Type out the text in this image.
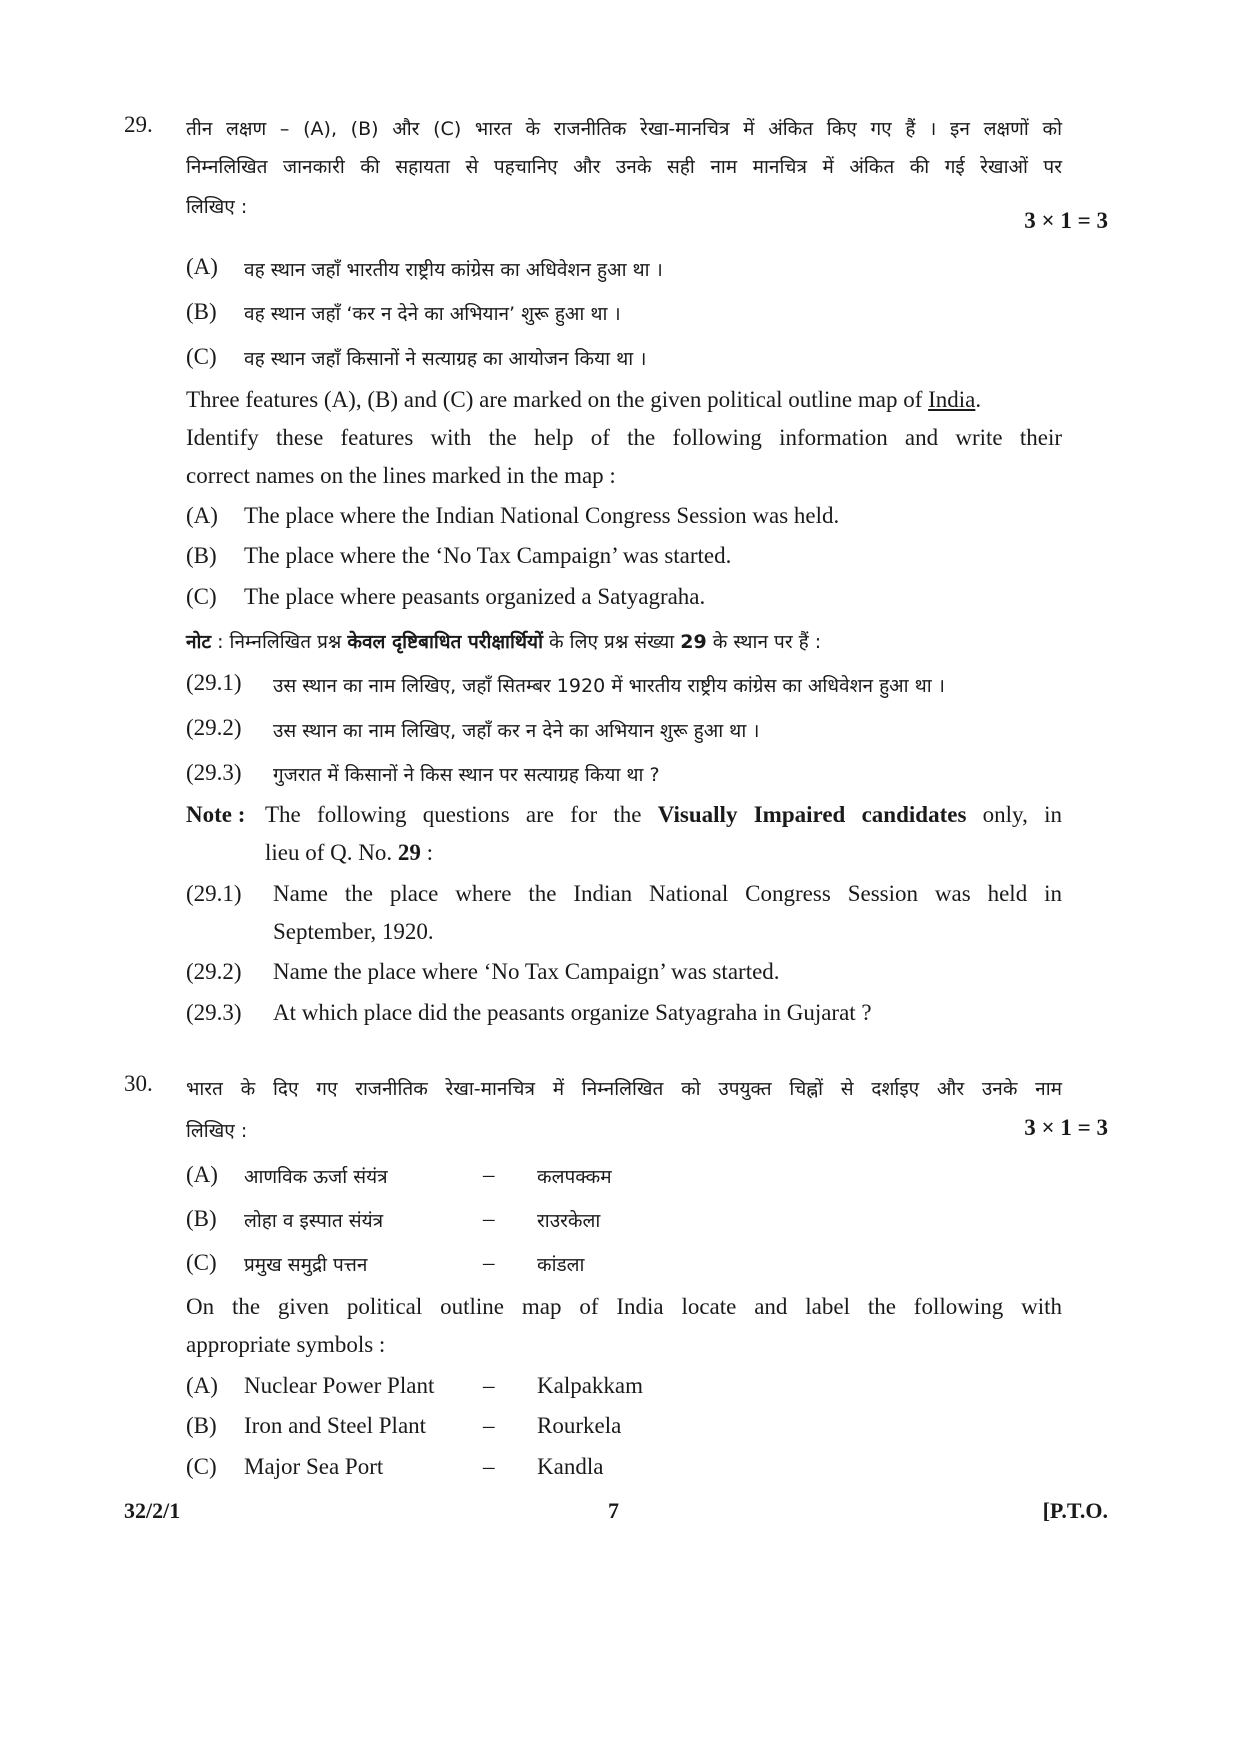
29. तीन लक्षण – (A), (B) और (C) भारत के राजनीतिक रेखा-मानचित्र में अंकित किए गए हैं । इन लक्षणों को
निम्नलिखित जानकारी की सहायता से पहचानिए और उनके सही नाम मानचित्र में अंकित की गई रेखाओं पर
लिखिए :
3 × 1 = 3
(A) वह स्थान जहाँ भारतीय राष्ट्रीय कांग्रेस का अधिवेशन हुआ था ।
(B) वह स्थान जहाँ ‘कर न देने का अभियान’ शुरू हुआ था ।
(C) वह स्थान जहाँ किसानों ने सत्याग्रह का आयोजन किया था ।
Three features (A), (B) and (C) are marked on the given political outline map of India.
Identify these features with the help of the following information and write their
correct names on the lines marked in the map :
(A) The place where the Indian National Congress Session was held.
(B) The place where the ‘No Tax Campaign’ was started.
(C) The place where peasants organized a Satyagraha.
नोट : निम्नलिखित प्रश्न केवल दृष्टिबाधित परीक्षार्थियों के लिए प्रश्न संख्या 29 के स्थान पर हैं :
(29.1) उस स्थान का नाम लिखिए, जहाँ सितम्बर 1920 में भारतीय राष्ट्रीय कांग्रेस का अधिवेशन हुआ था ।
(29.2) उस स्थान का नाम लिखिए, जहाँ कर न देने का अभियान शुरू हुआ था ।
(29.3) गुजरात में किसानों ने किस स्थान पर सत्याग्रह किया था ?
Note : The following questions are for the Visually Impaired candidates only, in
lieu of Q. No. 29 :
(29.1) Name the place where the Indian National Congress Session was held in
September, 1920.
(29.2) Name the place where ‘No Tax Campaign’ was started.
(29.3) At which place did the peasants organize Satyagraha in Gujarat ?
30. भारत के दिए गए राजनीतिक रेखा-मानचित्र में निम्नलिखित को उपयुक्त चिह्नों से दर्शाइए और उनके नाम
लिखिए :	3 × 1 = 3
(A) आणविक ऊर्जा संयंत्र	– कलपक्कम
(B) लोहा व इस्पात संयंत्र	– राउरकेला
(C) प्रमुख समुद्री पत्तन	– कांडला
On the given political outline map of India locate and label the following with
appropriate symbols :
(A) Nuclear Power Plant – Kalpakkam
(B) Iron and Steel Plant – Rourkela
(C) Major Sea Port	– Kandla
32/2/1	7	[P.T.O.
